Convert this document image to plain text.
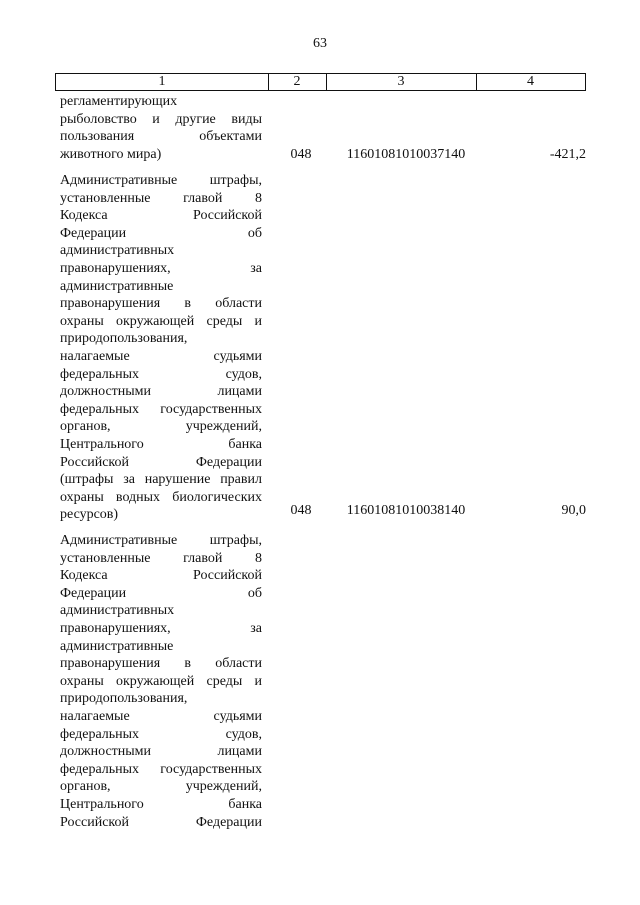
63
1	2	3	4
регламентирующих
рыболовство и другие виды
пользования	объектами
животного мира)	048	11601081010037140	-421,2
Административные штрафы,
установленные главой 8
Кодекса	Российской
Федерации	об
административных
правонарушениях,	за
административные
правонарушения в области
охраны окружающей среды и
природопользования,
налагаемые	судьями
федеральных	судов,
должностными	лицами
федеральных государственных
органов,	учреждений,
Центрального	банка
Российской	Федерации
(штрафы за нарушение правил
охраны водных биологических
ресурсов)	048	11601081010038140	90,0
Административные штрафы,
установленные главой 8
Кодекса	Российской
Федерации	об
административных
правонарушениях,	за
административные
правонарушения в области
охраны окружающей среды и
природопользования,
налагаемые	судьями
федеральных	судов,
должностными	лицами
федеральных государственных
органов,	учреждений,
Центрального	банка
Российской	Федерации
